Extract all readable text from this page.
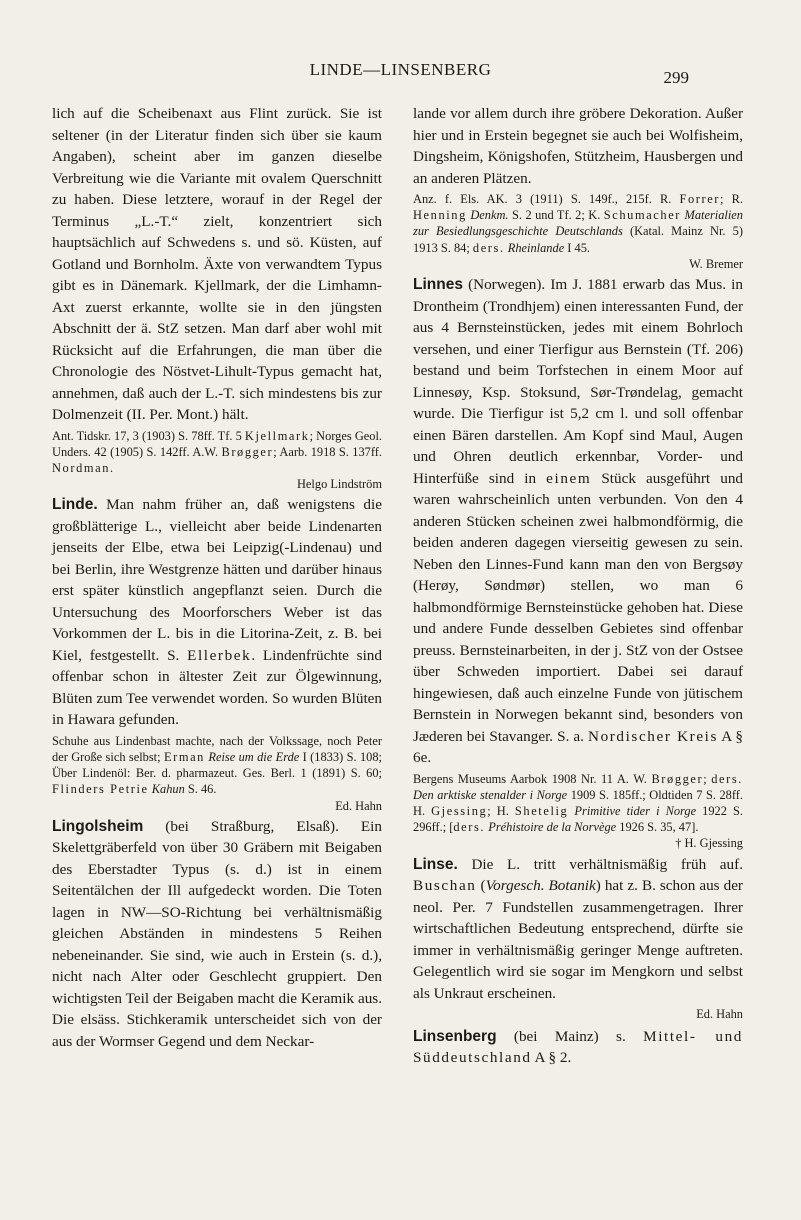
LINDE—LINSENBERG	299

lich auf die Scheibenaxt aus Flint zurück. Sie ist seltener (in der Literatur finden sich über sie kaum Angaben), scheint aber im ganzen dieselbe Verbreitung wie die Variante mit ovalem Querschnitt zu haben. Diese letztere, worauf in der Regel der Terminus „L.-T.“ zielt, konzentriert sich hauptsächlich auf Schwedens s. und sö. Küsten, auf Gotland und Bornholm. Äxte von verwandtem Typus gibt es in Dänemark. Kjellmark, der die Limhamn-Axt zuerst erkannte, wollte sie in den jüngsten Abschnitt der ä. StZ setzen. Man darf aber wohl mit Rücksicht auf die Erfahrungen, die man über die Chronologie des Nöstvet-Lihult-Typus gemacht hat, annehmen, daß auch der L.-T. sich mindestens bis zur Dolmenzeit (II. Per. Mont.) hält.

Ant. Tidskr. 17, 3 (1903) S. 78ff. Tf. 5 Kjellmark; Norges Geol. Unders. 42 (1905) S. 142ff. A.W. Brøgger; Aarb. 1918 S. 137ff. Nordman.
Helgo Lindström

Linde. Man nahm früher an, daß wenigstens die großblätterige L., vielleicht aber beide Lindenarten jenseits der Elbe, etwa bei Leipzig(-Lindenau) und bei Berlin, ihre Westgrenze hätten und darüber hinaus erst später künstlich angepflanzt seien. Durch die Untersuchung des Moorforschers Weber ist das Vorkommen der L. bis in die Litorina-Zeit, z. B. bei Kiel, festgestellt. S. Ellerbek. Lindenfrüchte sind offenbar schon in ältester Zeit zur Ölgewinnung, Blüten zum Tee verwendet worden. So wurden Blüten in Hawara gefunden.

Schuhe aus Lindenbast machte, nach der Volkssage, noch Peter der Große sich selbst; Erman Reise um die Erde I (1833) S. 108; Über Lindenöl: Ber. d. pharmazeut. Ges. Berl. 1 (1891) S. 60; Flinders Petrie Kahun S. 46.
Ed. Hahn

Lingolsheim (bei Straßburg, Elsaß). Ein Skelettgräberfeld von über 30 Gräbern mit Beigaben des Eberstadter Typus (s. d.) ist in einem Seitentälchen der Ill aufgedeckt worden. Die Toten lagen in NW—SO-Richtung bei verhältnismäßig gleichen Abständen in mindestens 5 Reihen nebeneinander. Sie sind, wie auch in Erstein (s. d.), nicht nach Alter oder Geschlecht gruppiert. Den wichtigsten Teil der Beigaben macht die Keramik aus. Die elsäss. Stichkeramik unterscheidet sich von der aus der Wormser Gegend und dem Neckar-

lande vor allem durch ihre gröbere Dekoration. Außer hier und in Erstein begegnet sie auch bei Wolfisheim, Dingsheim, Königshofen, Stützheim, Hausbergen und an anderen Plätzen.

Anz. f. Els. AK. 3 (1911) S. 149f., 215f. R. Forrer; R. Henning Denkm. S. 2 und Tf. 2; K. Schumacher Materialien zur Besiedlungsgeschichte Deutschlands (Katal. Mainz Nr. 5) 1913 S. 84; ders. Rheinlande I 45.
W. Bremer

Linnes (Norwegen). Im J. 1881 erwarb das Mus. in Drontheim (Trondhjem) einen interessanten Fund, der aus 4 Bernsteinstücken, jedes mit einem Bohrloch versehen, und einer Tierfigur aus Bernstein (Tf. 206) bestand und beim Torfstechen in einem Moor auf Linnesøy, Ksp. Stoksund, Sør-Trøndelag, gemacht wurde. Die Tierfigur ist 5,2 cm l. und soll offenbar einen Bären darstellen. Am Kopf sind Maul, Augen und Ohren deutlich erkennbar, Vorder- und Hinterfüße sind in einem Stück ausgeführt und waren wahrscheinlich unten verbunden. Von den 4 anderen Stücken scheinen zwei halbmondförmig, die beiden anderen dagegen vierseitig gewesen zu sein. Neben den Linnes-Fund kann man den von Bergsøy (Herøy, Søndmør) stellen, wo man 6 halbmondförmige Bernsteinstücke gehoben hat. Diese und andere Funde desselben Gebietes sind offenbar preuss. Bernsteinarbeiten, in der j. StZ von der Ostsee über Schweden importiert. Dabei sei darauf hingewiesen, daß auch einzelne Funde von jütischem Bernstein in Norwegen bekannt sind, besonders von Jæderen bei Stavanger. S. a. Nordischer Kreis A § 6e.

Bergens Museums Aarbok 1908 Nr. 11 A. W. Brøgger; ders. Den arktiske stenalder i Norge 1909 S. 185ff.; Oldtiden 7 S. 28ff. H. Gjessing; H. Shetelig Primitive tider i Norge 1922 S. 296ff.; [ders. Préhistoire de la Norvège 1926 S. 35, 47].
† H. Gjessing

Linse. Die L. tritt verhältnismäßig früh auf. Buschan (Vorgesch. Botanik) hat z. B. schon aus der neol. Per. 7 Fundstellen zusammengetragen. Ihrer wirtschaftlichen Bedeutung entsprechend, dürfte sie immer in verhältnismäßig geringer Menge auftreten. Gelegentlich wird sie sogar im Mengkorn und selbst als Unkraut erscheinen.
Ed. Hahn

Linsenberg (bei Mainz) s. Mittel- und Süddeutschland A § 2.
